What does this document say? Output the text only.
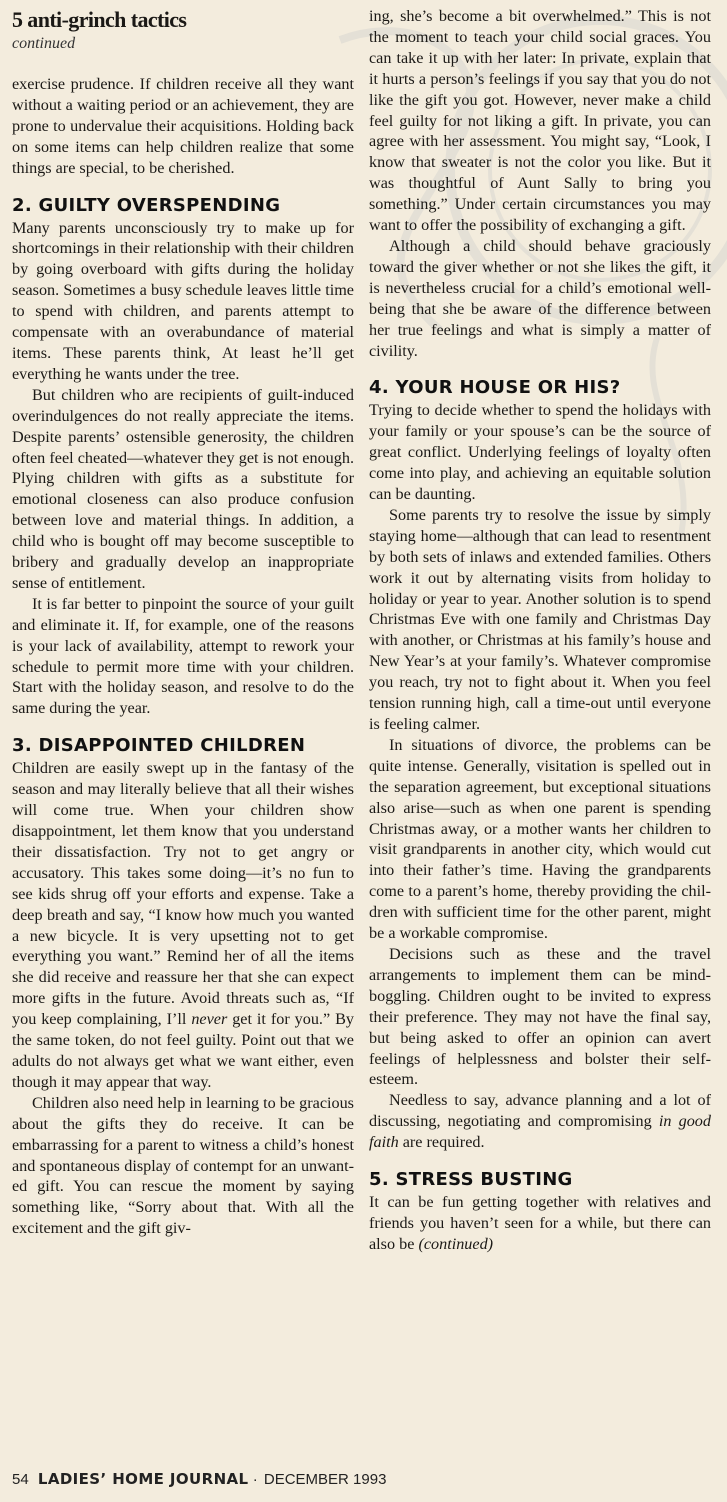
5 anti-grinch tactics
continued

exercise prudence. If children receive all they want without a waiting period or an achievement, they are prone to undervalue their acquisitions. Holding back on some items can help children realize that some things are special, to be cherished.

2. GUILTY OVERSPENDING

Many parents unconsciously try to make up for shortcomings in their relationship with their children by going overboard with gifts during the holiday season. Sometimes a busy schedule leaves little time to spend with children, and parents attempt to compensate with an overabundance of material items. These parents think, At least he’ll get everything he wants under the tree.

But children who are recipients of guilt-induced overindulgences do not really appreciate the items. Despite parents’ ostensible generosity, the children often feel cheated—whatever they get is not enough. Plying children with gifts as a substitute for emotional closeness can also produce confusion between love and material things. In addition, a child who is bought off may become susceptible to bribery and gradually develop an inappropriate sense of entitlement.

It is far better to pinpoint the source of your guilt and eliminate it. If, for example, one of the reasons is your lack of availability, attempt to rework your schedule to permit more time with your children. Start with the holiday season, and resolve to do the same during the year.

3. DISAPPOINTED CHILDREN

Children are easily swept up in the fantasy of the season and may literally believe that all their wishes will come true. When your children show disappointment, let them know that you understand their dissatisfaction. Try not to get angry or accusatory. This takes some doing—it’s no fun to see kids shrug off your efforts and expense. Take a deep breath and say, “I know how much you wanted a new bicycle. It is very upsetting not to get everything you want.” Remind her of all the items she did receive and reassure her that she can expect more gifts in the future. Avoid threats such as, “If you keep complaining, I’ll never get it for you.” By the same token, do not feel guilty. Point out that we adults do not always get what we want either, even though it may appear that way.

Children also need help in learning to be gracious about the gifts they do receive. It can be embarrassing for a parent to witness a child’s honest and spontaneous display of contempt for an unwanted gift. You can rescue the moment by saying something like, “Sorry about that. With all the excitement and the gift giv-

ing, she’s become a bit overwhelmed.” This is not the moment to teach your child social graces. You can take it up with her later: In private, explain that it hurts a person’s feelings if you say that you do not like the gift you got. However, never make a child feel guilty for not liking a gift. In private, you can agree with her assessment. You might say, “Look, I know that sweater is not the color you like. But it was thoughtful of Aunt Sally to bring you something.” Under certain circumstances you may want to offer the possibility of exchanging a gift.

Although a child should behave graciously toward the giver whether or not she likes the gift, it is nevertheless crucial for a child’s emotional well-being that she be aware of the difference between her true feelings and what is simply a matter of civility.

4. YOUR HOUSE OR HIS?

Trying to decide whether to spend the holidays with your family or your spouse’s can be the source of great conflict. Underlying feelings of loyalty often come into play, and achieving an equitable solution can be daunting.

Some parents try to resolve the issue by simply staying home—although that can lead to resentment by both sets of inlaws and extended families. Others work it out by alternating visits from holiday to holiday or year to year. Another solution is to spend Christmas Eve with one family and Christmas Day with another, or Christmas at his family’s house and New Year’s at your family’s. Whatever compromise you reach, try not to fight about it. When you feel tension running high, call a time-out until everyone is feeling calmer.

In situations of divorce, the problems can be quite intense. Generally, visitation is spelled out in the separation agreement, but exceptional situations also arise—such as when one parent is spending Christmas away, or a mother wants her children to visit grandparents in another city, which would cut into their father’s time. Having the grandparents come to a parent’s home, thereby providing the children with sufficient time for the other parent, might be a workable compromise.

Decisions such as these and the travel arrangements to implement them can be mind-boggling. Children ought to be invited to express their preference. They may not have the final say, but being asked to offer an opinion can avert feelings of helplessness and bolster their self-esteem.

Needless to say, advance planning and a lot of discussing, negotiating and compromising in good faith are required.

5. STRESS BUSTING

It can be fun getting together with relatives and friends you haven’t seen for a while, but there can also be (continued)

54 LADIES’ HOME JOURNAL · DECEMBER 1993
